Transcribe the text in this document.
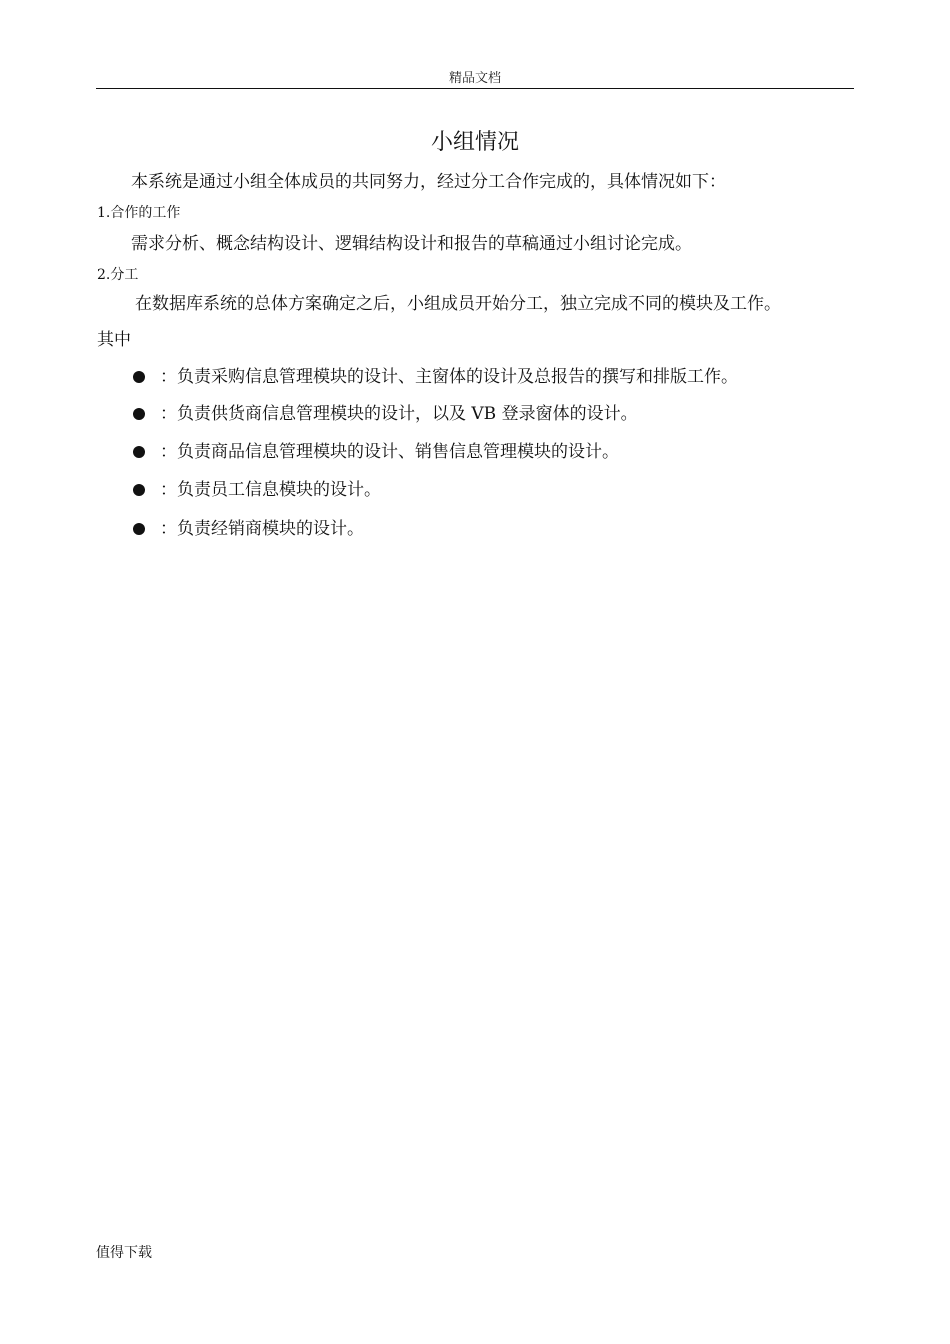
精品文档
小组情况
本系统是通过小组全体成员的共同努力，经过分工合作完成的，具体情况如下：
1.合作的工作
需求分析、概念结构设计、逻辑结构设计和报告的草稿通过小组讨论完成。
2.分工
在数据库系统的总体方案确定之后，小组成员开始分工，独立完成不同的模块及工作。
其中
：负责采购信息管理模块的设计、主窗体的设计及总报告的撰写和排版工作。
：负责供货商信息管理模块的设计，以及 VB 登录窗体的设计。
：负责商品信息管理模块的设计、销售信息管理模块的设计。
：负责员工信息模块的设计。
：负责经销商模块的设计。
值得下载
